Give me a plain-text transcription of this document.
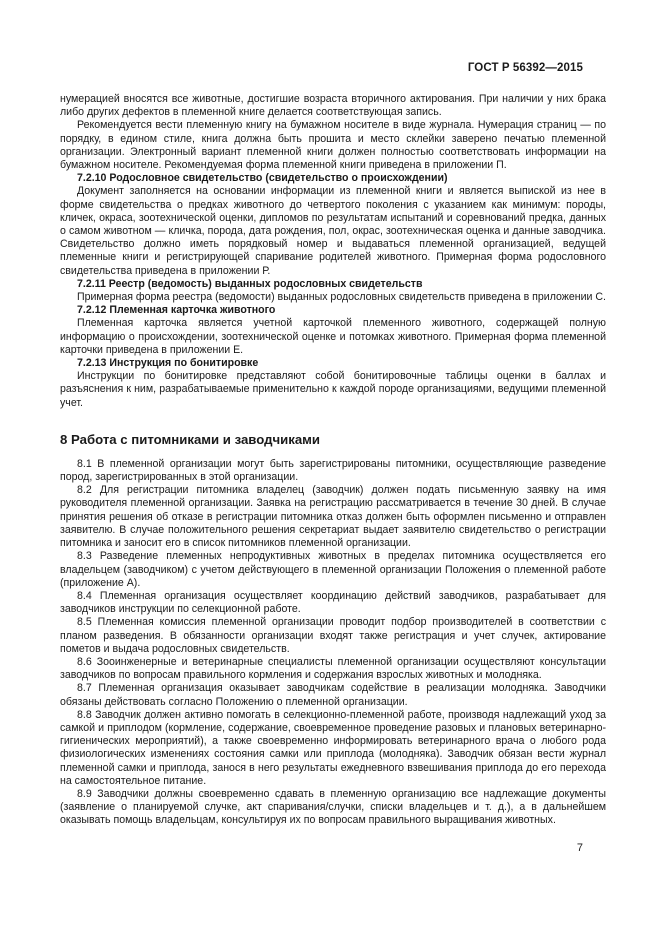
ГОСТ Р 56392—2015

нумерацией вносятся все животные, достигшие возраста вторичного актирования. При наличии у них брака либо других дефектов в племенной книге делается соответствующая запись.

Рекомендуется вести племенную книгу на бумажном носителе в виде журнала. Нумерация страниц — по порядку, в едином стиле, книга должна быть прошита и место склейки заверено печатью племенной организации. Электронный вариант племенной книги должен полностью соответствовать информации на бумажном носителе. Рекомендуемая форма племенной книги приведена в приложении П.

7.2.10 Родословное свидетельство (свидетельство о происхождении)

Документ заполняется на основании информации из племенной книги и является выпиской из нее в форме свидетельства о предках животного до четвертого поколения с указанием как минимум: породы, кличек, окраса, зоотехнической оценки, дипломов по результатам испытаний и соревнований предка, данных о самом животном — кличка, порода, дата рождения, пол, окрас, зоотехническая оценка и данные заводчика. Свидетельство должно иметь порядковый номер и выдаваться племенной организацией, ведущей племенные книги и регистрирующей спаривание родителей животного. Примерная форма родословного свидетельства приведена в приложении Р.

7.2.11 Реестр (ведомость) выданных родословных свидетельств

Примерная форма реестра (ведомости) выданных родословных свидетельств приведена в приложении С.

7.2.12 Племенная карточка животного

Племенная карточка является учетной карточкой племенного животного, содержащей полную информацию о происхождении, зоотехнической оценке и потомках животного. Примерная форма племенной карточки приведена в приложении Е.

7.2.13 Инструкция по бонитировке

Инструкции по бонитировке представляют собой бонитировочные таблицы оценки в баллах и разъяснения к ним, разрабатываемые применительно к каждой породе организациями, ведущими племенной учет.

8 Работа с питомниками и заводчиками

8.1 В племенной организации могут быть зарегистрированы питомники, осуществляющие разведение пород, зарегистрированных в этой организации.

8.2 Для регистрации питомника владелец (заводчик) должен подать письменную заявку на имя руководителя племенной организации. Заявка на регистрацию рассматривается в течение 30 дней. В случае принятия решения об отказе в регистрации питомника отказ должен быть оформлен письменно и отправлен заявителю. В случае положительного решения секретариат выдает заявителю свидетельство о регистрации питомника и заносит его в список питомников племенной организации.

8.3 Разведение племенных непродуктивных животных в пределах питомника осуществляется его владельцем (заводчиком) с учетом действующего в племенной организации Положения о племенной работе (приложение А).

8.4 Племенная организация осуществляет координацию действий заводчиков, разрабатывает для заводчиков инструкции по селекционной работе.

8.5 Племенная комиссия племенной организации проводит подбор производителей в соответствии с планом разведения. В обязанности организации входят также регистрация и учет случек, актирование пометов и выдача родословных свидетельств.

8.6 Зооинженерные и ветеринарные специалисты племенной организации осуществляют консультации заводчиков по вопросам правильного кормления и содержания взрослых животных и молодняка.

8.7 Племенная организация оказывает заводчикам содействие в реализации молодняка. Заводчики обязаны действовать согласно Положению о племенной организации.

8.8 Заводчик должен активно помогать в селекционно-племенной работе, производя надлежащий уход за самкой и приплодом (кормление, содержание, своевременное проведение разовых и плановых ветеринарно-гигиенических мероприятий), а также своевременно информировать ветеринарного врача о любого рода физиологических изменениях состояния самки или приплода (молодняка). Заводчик обязан вести журнал племенной самки и приплода, занося в него результаты ежедневного взвешивания приплода до его перехода на самостоятельное питание.

8.9 Заводчики должны своевременно сдавать в племенную организацию все надлежащие документы (заявление о планируемой случке, акт спаривания/случки, списки владельцев и т. д.), а в дальнейшем оказывать помощь владельцам, консультируя их по вопросам правильного выращивания животных.

7
